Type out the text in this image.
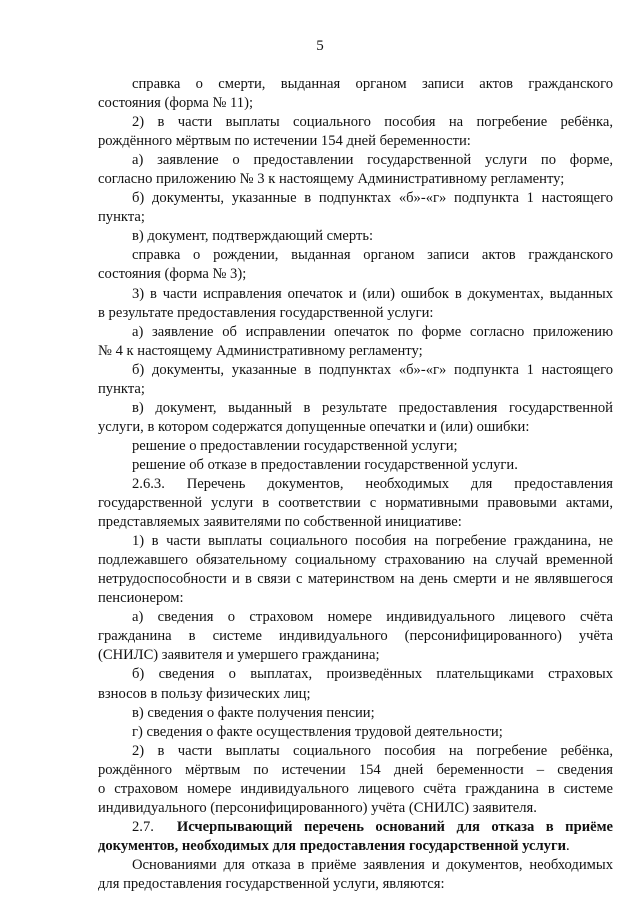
5
справка о смерти, выданная органом записи актов гражданского
состояния (форма № 11);
2) в части выплаты социального пособия на погребение ребёнка,
рождённого мёртвым по истечении 154 дней беременности:
а) заявление о предоставлении государственной услуги по форме,
согласно приложению № 3 к настоящему Административному регламенту;
б) документы, указанные в подпунктах «б»-«г» подпункта 1 настоящего
пункта;
в) документ, подтверждающий смерть:
справка о рождении, выданная органом записи актов гражданского
состояния (форма № 3);
3) в части исправления опечаток и (или) ошибок в документах, выданных
в результате предоставления государственной услуги:
а) заявление об исправлении опечаток по форме согласно приложению
№ 4 к настоящему Административному регламенту;
б) документы, указанные в подпунктах «б»-«г» подпункта 1 настоящего
пункта;
в) документ, выданный в результате предоставления государственной
услуги, в котором содержатся допущенные опечатки и (или) ошибки:
решение о предоставлении государственной услуги;
решение об отказе в предоставлении государственной услуги.
2.6.3. Перечень документов, необходимых для предоставления
государственной услуги в соответствии с нормативными правовыми актами,
представляемых заявителями по собственной инициативе:
1) в части выплаты социального пособия на погребение гражданина, не
подлежавшего обязательному социальному страхованию на случай временной
нетрудоспособности и в связи с материнством на день смерти и не являвшегося
пенсионером:
а) сведения о страховом номере индивидуального лицевого счёта
гражданина в системе индивидуального (персонифицированного) учёта
(СНИЛС) заявителя и умершего гражданина;
б) сведения о выплатах, произведённых плательщиками страховых
взносов в пользу физических лиц;
в) сведения о факте получения пенсии;
г) сведения о факте осуществления трудовой деятельности;
2) в части выплаты социального пособия на погребение ребёнка,
рождённого мёртвым по истечении 154 дней беременности – сведения
о страховом номере индивидуального лицевого счёта гражданина в системе
индивидуального (персонифицированного) учёта (СНИЛС) заявителя.
2.7. Исчерпывающий перечень оснований для отказа в приёме
документов, необходимых для предоставления государственной услуги.
Основаниями для отказа в приёме заявления и документов, необходимых
для предоставления государственной услуги, являются:
